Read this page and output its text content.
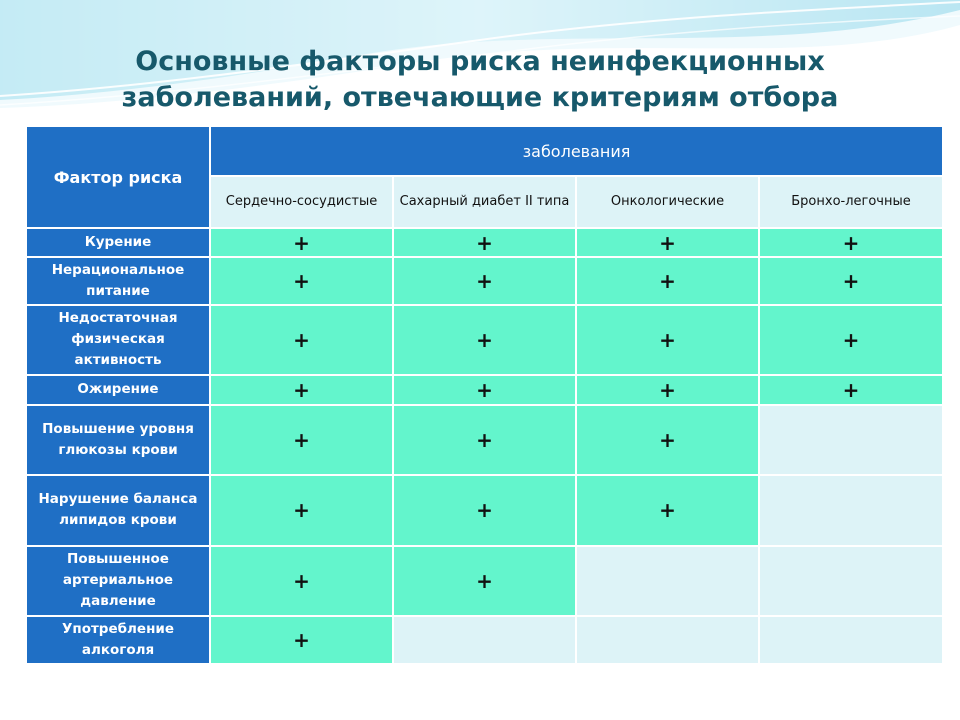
Основные факторы риска неинфекционных
заболеваний, отвечающие критериям отбора
Фактор риска	заболевания			
	Сердечно-сосудистые	Сахарный диабет II типа	Онкологические	Бронхо-легочные
Курение	+	+	+	+
Нерациональное питание	+	+	+	+
Недостаточная физическая активность	+	+	+	+
Ожирение	+	+	+	+
Повышение уровня глюкозы крови	+	+	+	
Нарушение баланса липидов крови	+	+	+	
Повышенное артериальное давление	+	+		
Употребление алкоголя	+			
